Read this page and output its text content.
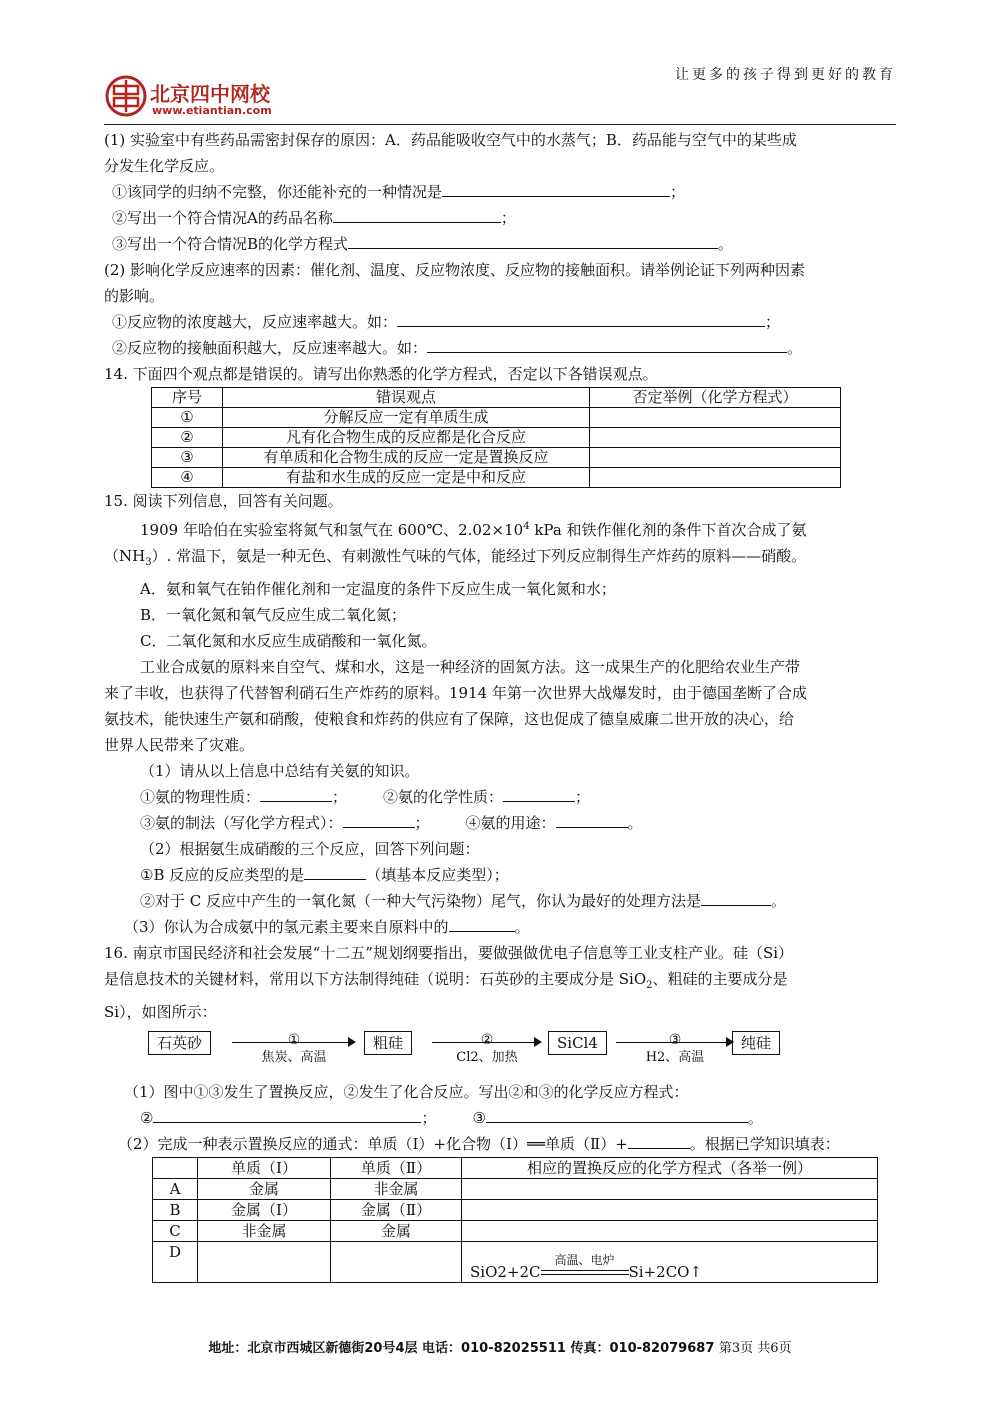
北京四中网校
www.etiantian.com
让更多的孩子得到更好的教育

(1) 实验室中有些药品需密封保存的原因：A．药品能吸收空气中的水蒸气；B．药品能与空气中的某些成

分发生化学反应。

①该同学的归纳不完整，你还能补充的一种情况是	；

②写出一个符合情况A的药品名称	；

③写出一个符合情况B的化学方程式	。

(2) 影响化学反应速率的因素：催化剂、温度、反应物浓度、反应物的接触面积。请举例论证下列两种因素

的影响。

①反应物的浓度越大，反应速率越大。如：	；

②反应物的接触面积越大，反应速率越大。如：	。

14. 下面四个观点都是错误的。请写出你熟悉的化学方程式，否定以下各错误观点。

序号	错误观点	否定举例（化学方程式）
①	分解反应一定有单质生成	
②	凡有化合物生成的反应都是化合反应	
③	有单质和化合物生成的反应一定是置换反应	
④	有盐和水生成的反应一定是中和反应	

15. 阅读下列信息，回答有关问题。

1909 年哈伯在实验室将氮气和氢气在 600℃、$2.02\times 10^4$ kPa 和铁作催化剂的条件下首次合成了氨

$(NH_3)$. 常温下，氨是一种无色、有刺激性气味的气体，能经过下列反应制得生产炸药的原料——硝酸。

A．氨和氧气在铂作催化剂和一定温度的条件下反应生成一氧化氮和水；

B．一氧化氮和氧气反应生成二氧化氮；

C．二氧化氮和水反应生成硝酸和一氧化氮。

工业合成氨的原料来自空气、煤和水，这是一种经济的固氮方法。这一成果生产的化肥给农业生产带

来了丰收，也获得了代替智利硝石生产炸药的原料。1914 年第一次世界大战爆发时，由于德国垄断了合成

氨技术，能快速生产氨和硝酸，使粮食和炸药的供应有了保障，这也促成了德皇威廉二世开放的决心，给

世界人民带来了灾难。

（1）请从以上信息中总结有关氨的知识。

①氨的物理性质：	； ②氨的化学性质：	；

③氨的制法（写化学方程式）：	； ④氨的用途：	。

（2）根据氨生成硝酸的三个反应，回答下列问题：

①B 反应的反应类型的是	（填基本反应类型）；

②对于 C 反应中产生的一氧化氮（一种大气污染物）尾气，你认为最好的处理方法是	。

（3）你认为合成氨中的氢元素主要来自原料中的	。

16. 南京市国民经济和社会发展“十二五”规划纲要指出，要做强做优电子信息等工业支柱产业。硅（Si）

是信息技术的关键材料，常用以下方法制得纯硅（说明：石英砂的主要成分是 SiO$_2$、粗硅的主要成分是

Si），如图所示：

石英砂	①
焦炭、高温
粗硅	②
Cl2、加热
SiCl4	③
H2、高温
纯硅

（1）图中①③发生了置换反应，②发生了化合反应。写出②和③的化学反应方程式：

②	； ③	。

（2）完成一种表示置换反应的通式：单质（Ⅰ）+化合物（Ⅰ）══单质（Ⅱ）+	。根据已学知识填表：

	单质（Ⅰ）	单质（Ⅱ）	相应的置换反应的化学方程式（各举一例）
A	金属	非金属	
B	金属（Ⅰ）	金属（Ⅱ）	
C	非金属	金属	
D			SiO2+2C
高温、电炉
Si+2CO↑
地址：北京市西城区新德街20号4层 电话：010-82025511 传真：010-82079687 第3页 共6页
